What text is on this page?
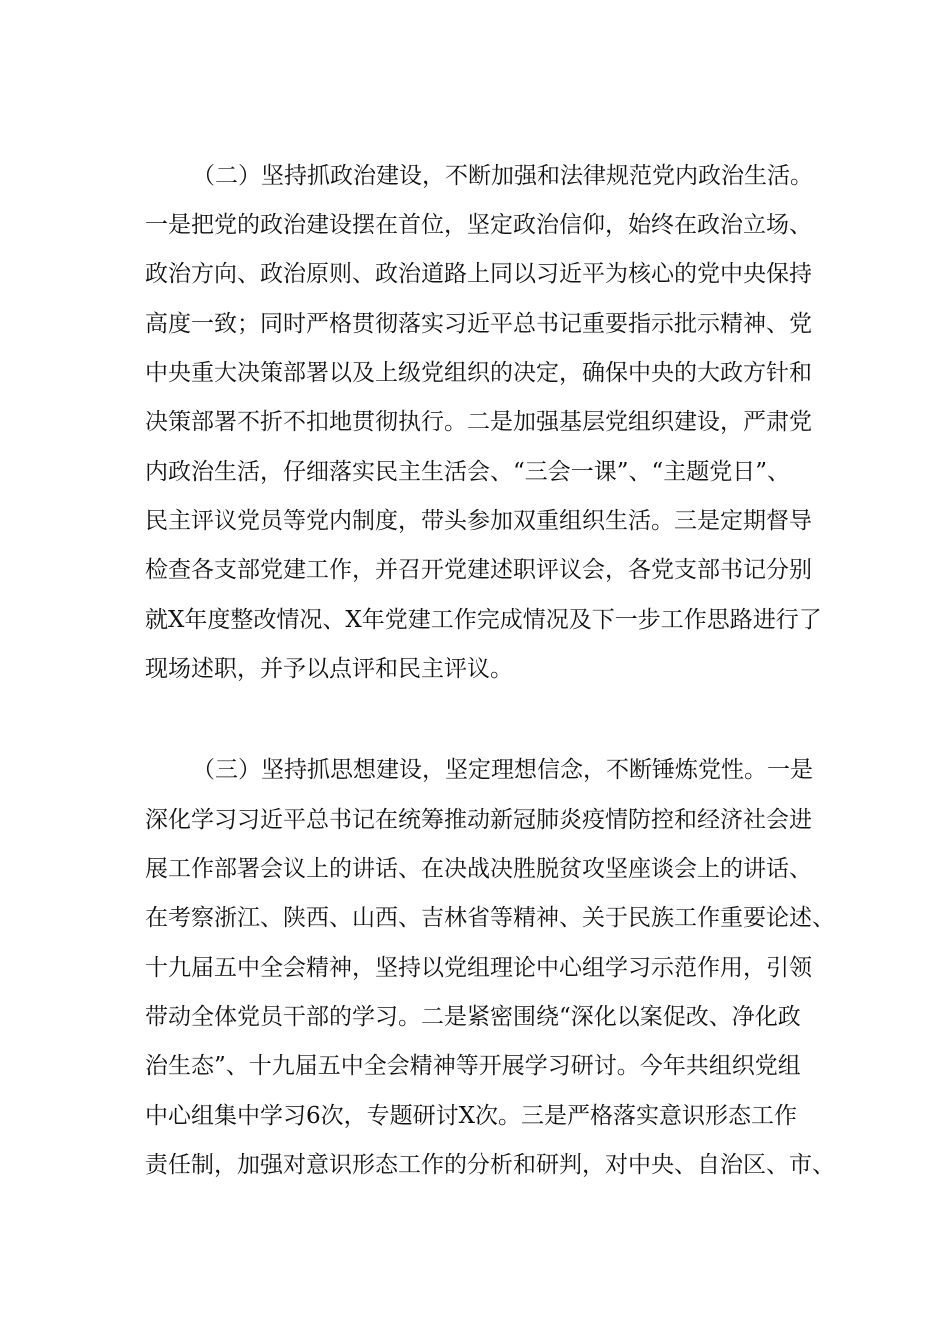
（二）坚持抓政治建设，不断加强和法律规范党内政治生活。
一是把党的政治建设摆在首位，坚定政治信仰，始终在政治立场、
政治方向、政治原则、政治道路上同以习近平为核心的党中央保持
高度一致；同时严格贯彻落实习近平总书记重要指示批示精神、党
中央重大决策部署以及上级党组织的决定，确保中央的大政方针和
决策部署不折不扣地贯彻执行。二是加强基层党组织建设，严肃党
内政治生活，仔细落实民主生活会、“三会一课”、“主题党日”、
民主评议党员等党内制度，带头参加双重组织生活。三是定期督导
检查各支部党建工作，并召开党建述职评议会，各党支部书记分别
就X年度整改情况、X年党建工作完成情况及下一步工作思路进行了
现场述职，并予以点评和民主评议。
（三）坚持抓思想建设，坚定理想信念，不断锤炼党性。一是
深化学习习近平总书记在统筹推动新冠肺炎疫情防控和经济社会进
展工作部署会议上的讲话、在决战决胜脱贫攻坚座谈会上的讲话、
在考察浙江、陕西、山西、吉林省等精神、关于民族工作重要论述、
十九届五中全会精神，坚持以党组理论中心组学习示范作用，引领
带动全体党员干部的学习。二是紧密围绕“深化以案促改、净化政
治生态”、十九届五中全会精神等开展学习研讨。今年共组织党组
中心组集中学习6次，专题研讨X次。三是严格落实意识形态工作
责任制，加强对意识形态工作的分析和研判，对中央、自治区、市、
